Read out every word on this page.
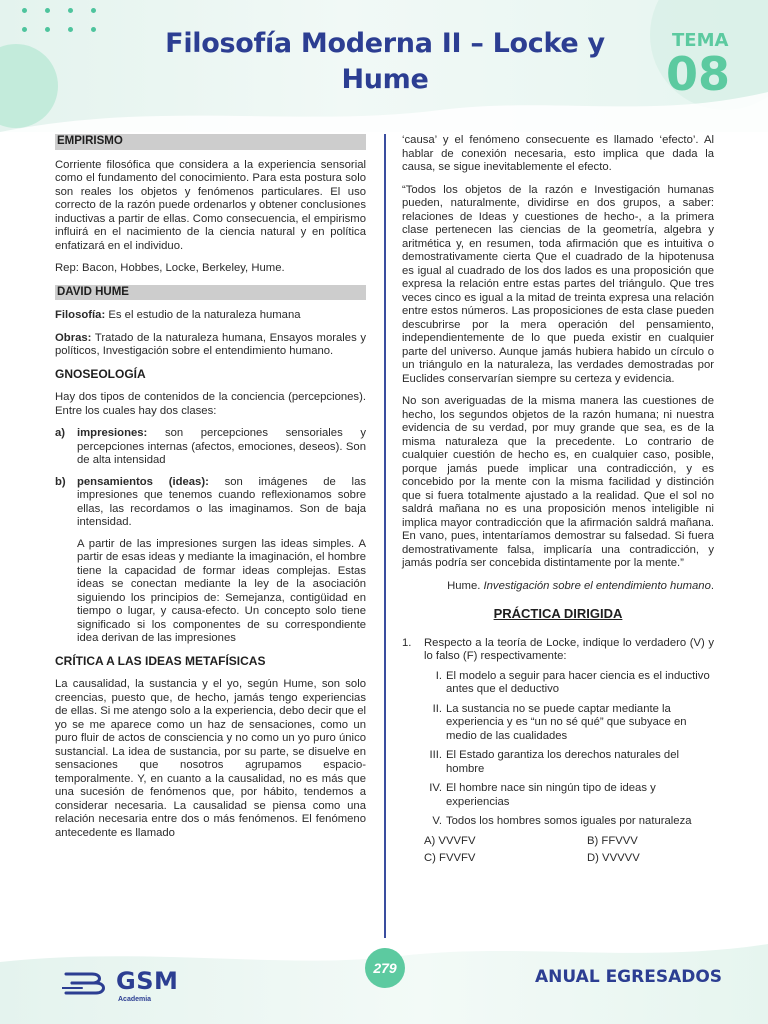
Filosofía Moderna II – Locke y Hume
TEMA
08
EMPIRISMO

Corriente filosófica que considera a la experiencia sensorial como el fundamento del conocimiento. Para esta postura solo son reales los objetos y fenómenos particulares. El uso correcto de la razón puede ordenarlos y obtener conclusiones inductivas a partir de ellas. Como consecuencia, el empirismo influirá en el nacimiento de la ciencia natural y en política enfatizará en el individuo.

Rep: Bacon, Hobbes, Locke, Berkeley, Hume.

DAVID HUME

Filosofía: Es el estudio de la naturaleza humana

Obras: Tratado de la naturaleza humana, Ensayos morales y políticos, Investigación sobre el entendimiento humano.

GNOSEOLOGÍA

Hay dos tipos de contenidos de la conciencia (percepciones). Entre los cuales hay dos clases:

a)	impresiones: son percepciones sensoriales y percepciones internas (afectos, emociones, deseos). Son de alta intensidad
b)	pensamientos (ideas): son imágenes de las impresiones que tenemos cuando reflexionamos sobre ellas, las recordamos o las imaginamos. Son de baja intensidad.

A partir de las impresiones surgen las ideas simples. A partir de esas ideas y mediante la imaginación, el hombre tiene la capacidad de formar ideas complejas. Estas ideas se conectan mediante la ley de la asociación siguiendo los principios de: Semejanza, contigüidad en tiempo o lugar, y causa-efecto. Un concepto solo tiene significado si los componentes de su correspondiente idea derivan de las impresiones

CRÍTICA A LAS IDEAS METAFÍSICAS

La causalidad, la sustancia y el yo, según Hume, son solo creencias, puesto que, de hecho, jamás tengo experiencias de ellas. Si me atengo solo a la experiencia, debo decir que el yo se me aparece como un haz de sensaciones, como un puro fluir de actos de consciencia y no como un yo puro único sustancial. La idea de sustancia, por su parte, se disuelve en sensaciones que nosotros agrupamos espacio-temporalmente. Y, en cuanto a la causalidad, no es más que una sucesión de fenómenos que, por hábito, tendemos a considerar necesaria. La causalidad se piensa como una relación necesaria entre dos o más fenómenos. El fenómeno antecedente es llamado

‘causa’ y el fenómeno consecuente es llamado ‘efecto’. Al hablar de conexión necesaria, esto implica que dada la causa, se sigue inevitablemente el efecto.

“Todos los objetos de la razón e Investigación humanas pueden, naturalmente, dividirse en dos grupos, a saber: relaciones de Ideas y cuestiones de hecho-, a la primera clase pertenecen las ciencias de la geometría, algebra y aritmética y, en resumen, toda afirmación que es intuitiva o demostrativamente cierta Que el cuadrado de la hipotenusa es igual al cuadrado de los dos lados es una proposición que expresa la relación entre estas partes del triángulo. Que tres veces cinco es igual a la mitad de treinta expresa una relación entre estos números. Las proposiciones de esta clase pueden descubrirse por la mera operación del pensamiento, independientemente de lo que pueda existir en cualquier parte del universo. Aunque jamás hubiera habido un círculo o un triángulo en la naturaleza, las verdades demostradas por Euclides conservarían siempre su certeza y evidencia.

No son averiguadas de la misma manera las cuestiones de hecho, los segundos objetos de la razón humana; ni nuestra evidencia de su verdad, por muy grande que sea, es de la misma naturaleza que la precedente. Lo contrario de cualquier cuestión de hecho es, en cualquier caso, posible, porque jamás puede implicar una contradicción, y es concebido por la mente con la misma facilidad y distinción que si fuera totalmente ajustado a la realidad. Que el sol no saldrá mañana no es una proposición menos inteligible ni implica mayor contradicción que la afirmación saldrá mañana. En vano, pues, intentaríamos demostrar su falsedad. Si fuera demostrativamente falsa, implicaría una contradicción, y jamás podría ser concebida distintamente por la mente.”

Hume. Investigación sobre el entendimiento humano.

PRÁCTICA DIRIGIDA
1.	Respecto a la teoría de Locke, indique lo verdadero (V) y lo falso (F) respectivamente:
I. El modelo a seguir para hacer ciencia es el inductivo antes que el deductivo
II. La sustancia no se puede captar mediante la experiencia y es “un no sé qué” que subyace en medio de las cualidades
III. El Estado garantiza los derechos naturales del hombre
IV. El hombre nace sin ningún tipo de ideas y experiencias
V. Todos los hombres somos iguales por naturaleza
A) VVVFV	B) FFVVV
C) FVVFV	D) VVVVV
279
GSM
Academia
ANUAL EGRESADOS
